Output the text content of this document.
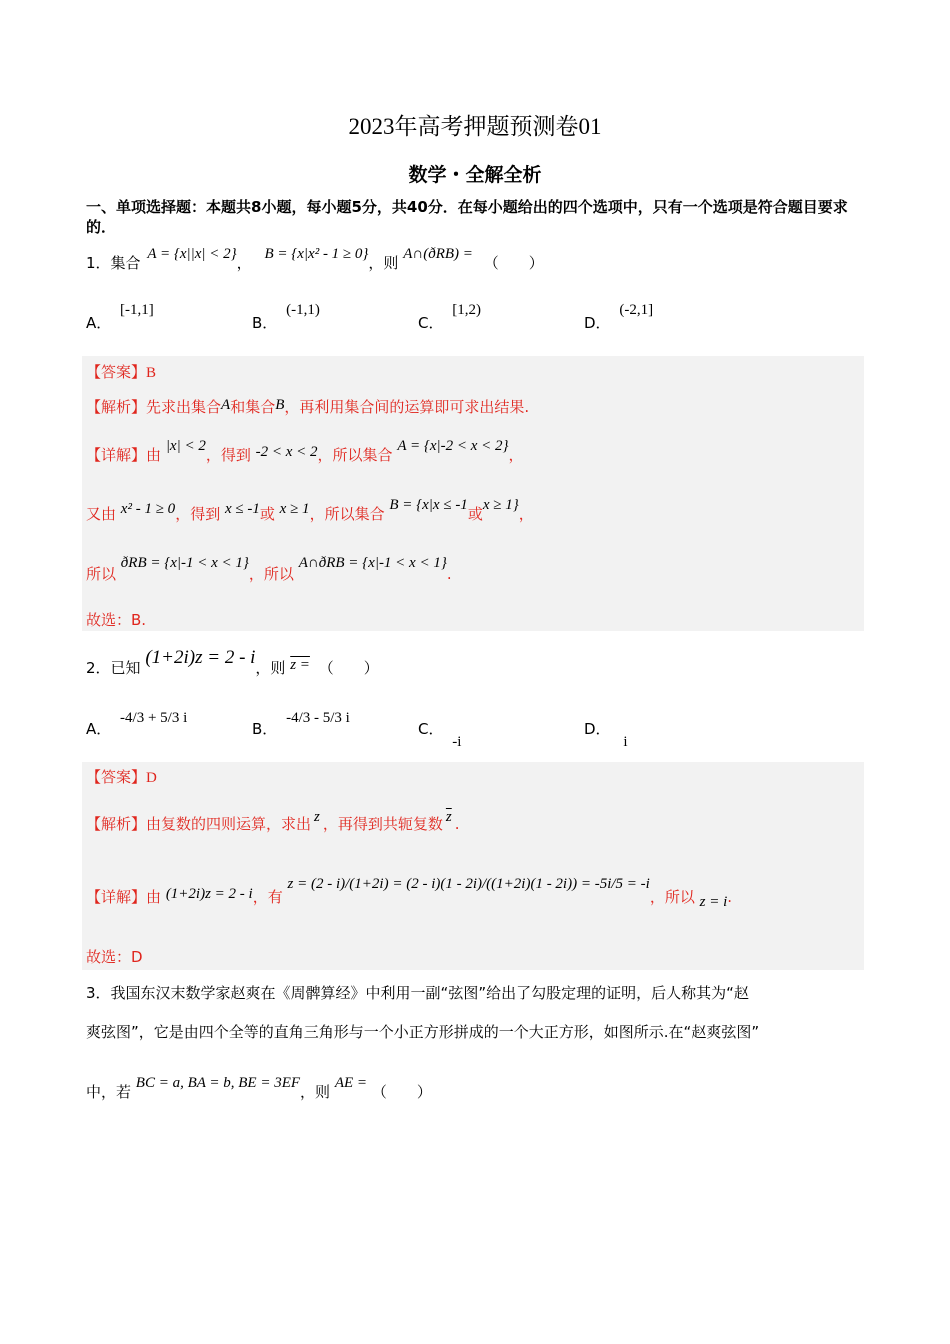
2023年高考押题预测卷01
数学・全解全析
一、单项选择题：本题共8小题，每小题5分，共40分．在每小题给出的四个选项中，只有一个选项是符合题目要求的．
1．集合 A = {x||x| < 2}， B = {x|x² - 1 ≥ 0}，则 A∩(ðRB) = （　　）
A． [-1,1]
B． (-1,1)
C． [1,2)
D． (-2,1]
【答案】B
【解析】先求出集合A和集合B，再利用集合间的运算即可求出结果.
【详解】由 |x| < 2，得到 -2 < x < 2，所以集合 A = {x|-2 < x < 2}，
又由 x² - 1 ≥ 0，得到 x ≤ -1或 x ≥ 1，所以集合 B = {x|x ≤ -1或x ≥ 1}，
所以 ðRB = {x|-1 < x < 1}，所以 A∩ðRB = {x|-1 < x < 1}.
故选：B.
2．已知 (1+2i)z = 2 - i，则 z = （　　）
A． -4/3 + 5/3 i
B． -4/3 - 5/3 i
C． -i
D． i
【答案】D
【解析】由复数的四则运算，求出 z ，再得到共轭复数 $\overline{z}$ .
【详解】由 (1+2i)z = 2 - i，有 z = (2 - i)/(1+2i) = (2 - i)(1 - 2i)/((1+2i)(1 - 2i)) = -5i/5 = -i，所以 z = i.
故选：D
3．我国东汉末数学家赵爽在《周髀算经》中利用一副“弦图”给出了勾股定理的证明，后人称其为“赵
爽弦图”，它是由四个全等的直角三角形与一个小正方形拼成的一个大正方形，如图所示.在“赵爽弦图”
中，若 BC = a, BA = b, BE = 3EF，则 AE = （　　）
